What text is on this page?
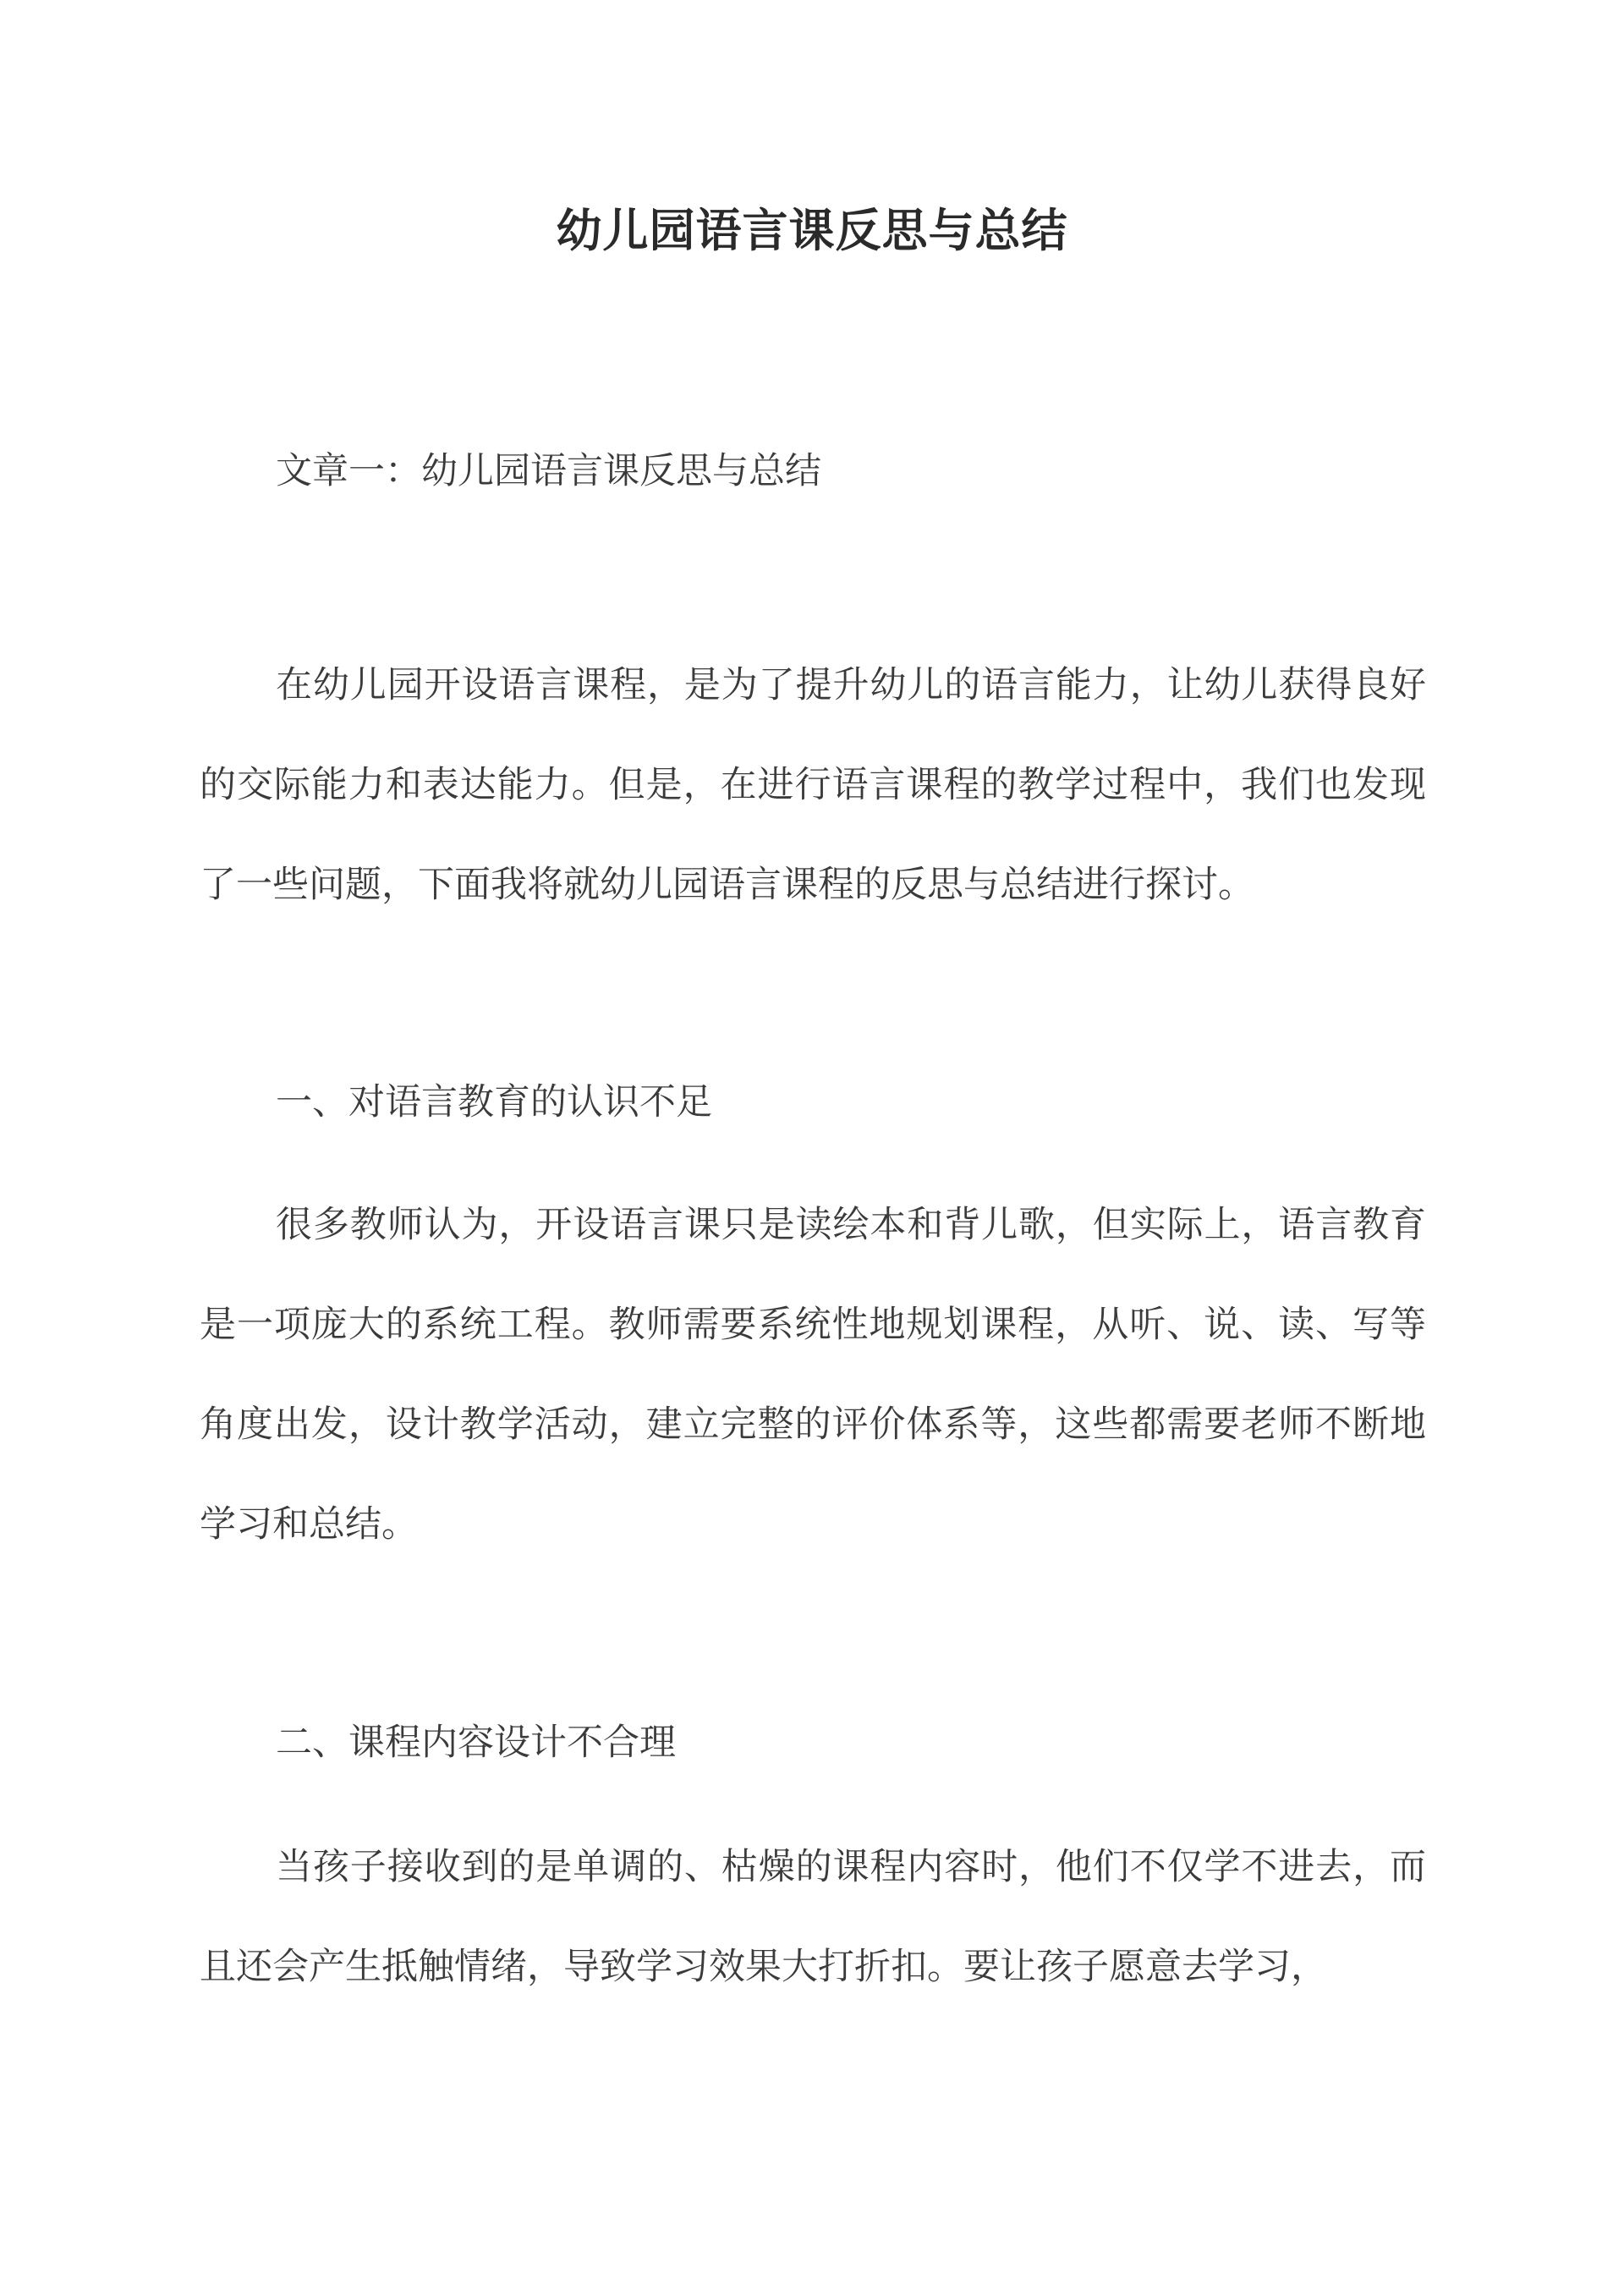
幼儿园语言课反思与总结
文章一：幼儿园语言课反思与总结
在幼儿园开设语言课程，是为了提升幼儿的语言能力，让幼儿获得良好的交际能力和表达能力。但是，在进行语言课程的教学过程中，我们也发现了一些问题，下面我将就幼儿园语言课程的反思与总结进行探讨。
一、对语言教育的认识不足
很多教师认为，开设语言课只是读绘本和背儿歌，但实际上，语言教育是一项庞大的系统工程。教师需要系统性地规划课程，从听、说、读、写等角度出发，设计教学活动，建立完整的评价体系等，这些都需要老师不断地学习和总结。
二、课程内容设计不合理
当孩子接收到的是单调的、枯燥的课程内容时，他们不仅学不进去，而且还会产生抵触情绪，导致学习效果大打折扣。要让孩子愿意去学习，
